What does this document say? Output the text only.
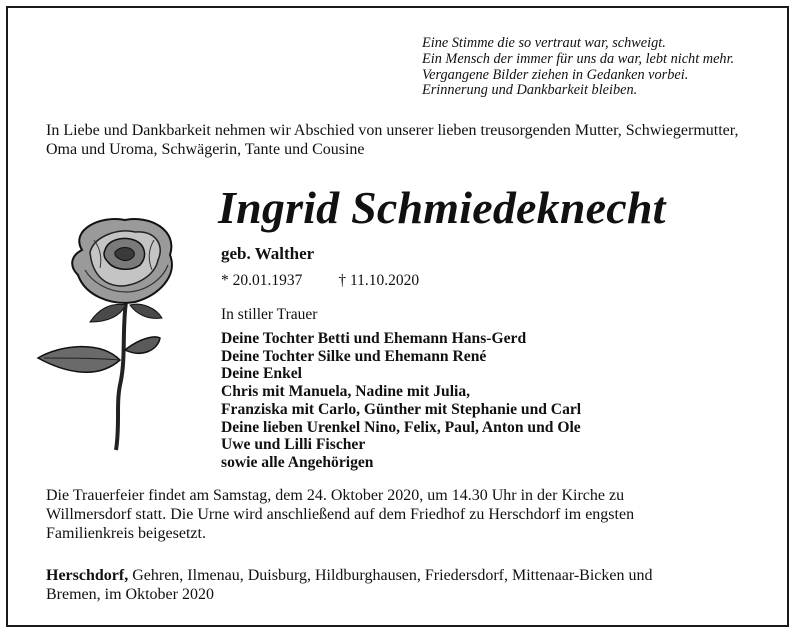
Eine Stimme die so vertraut war, schweigt.
Ein Mensch der immer für uns da war, lebt nicht mehr.
Vergangene Bilder ziehen in Gedanken vorbei.
Erinnerung und Dankbarkeit bleiben.
In Liebe und Dankbarkeit nehmen wir Abschied von unserer lieben treusorgenden Mutter, Schwiegermutter, Oma und Uroma, Schwägerin, Tante und Cousine
Ingrid Schmiedeknecht
geb. Walther
* 20.01.1937 † 11.10.2020
In stiller Trauer
Deine Tochter Betti und Ehemann Hans-Gerd
Deine Tochter Silke und Ehemann René
Deine Enkel
Chris mit Manuela, Nadine mit Julia,
Franziska mit Carlo, Günther mit Stephanie und Carl
Deine lieben Urenkel Nino, Felix, Paul, Anton und Ole
Uwe und Lilli Fischer
sowie alle Angehörigen
Die Trauerfeier findet am Samstag, dem 24. Oktober 2020, um 14.30 Uhr in der Kirche zu Willmersdorf statt. Die Urne wird anschließend auf dem Friedhof zu Herschdorf im engsten Familienkreis beigesetzt.
Herschdorf, Gehren, Ilmenau, Duisburg, Hildburghausen, Friedersdorf, Mittenaar-Bicken und Bremen, im Oktober 2020
